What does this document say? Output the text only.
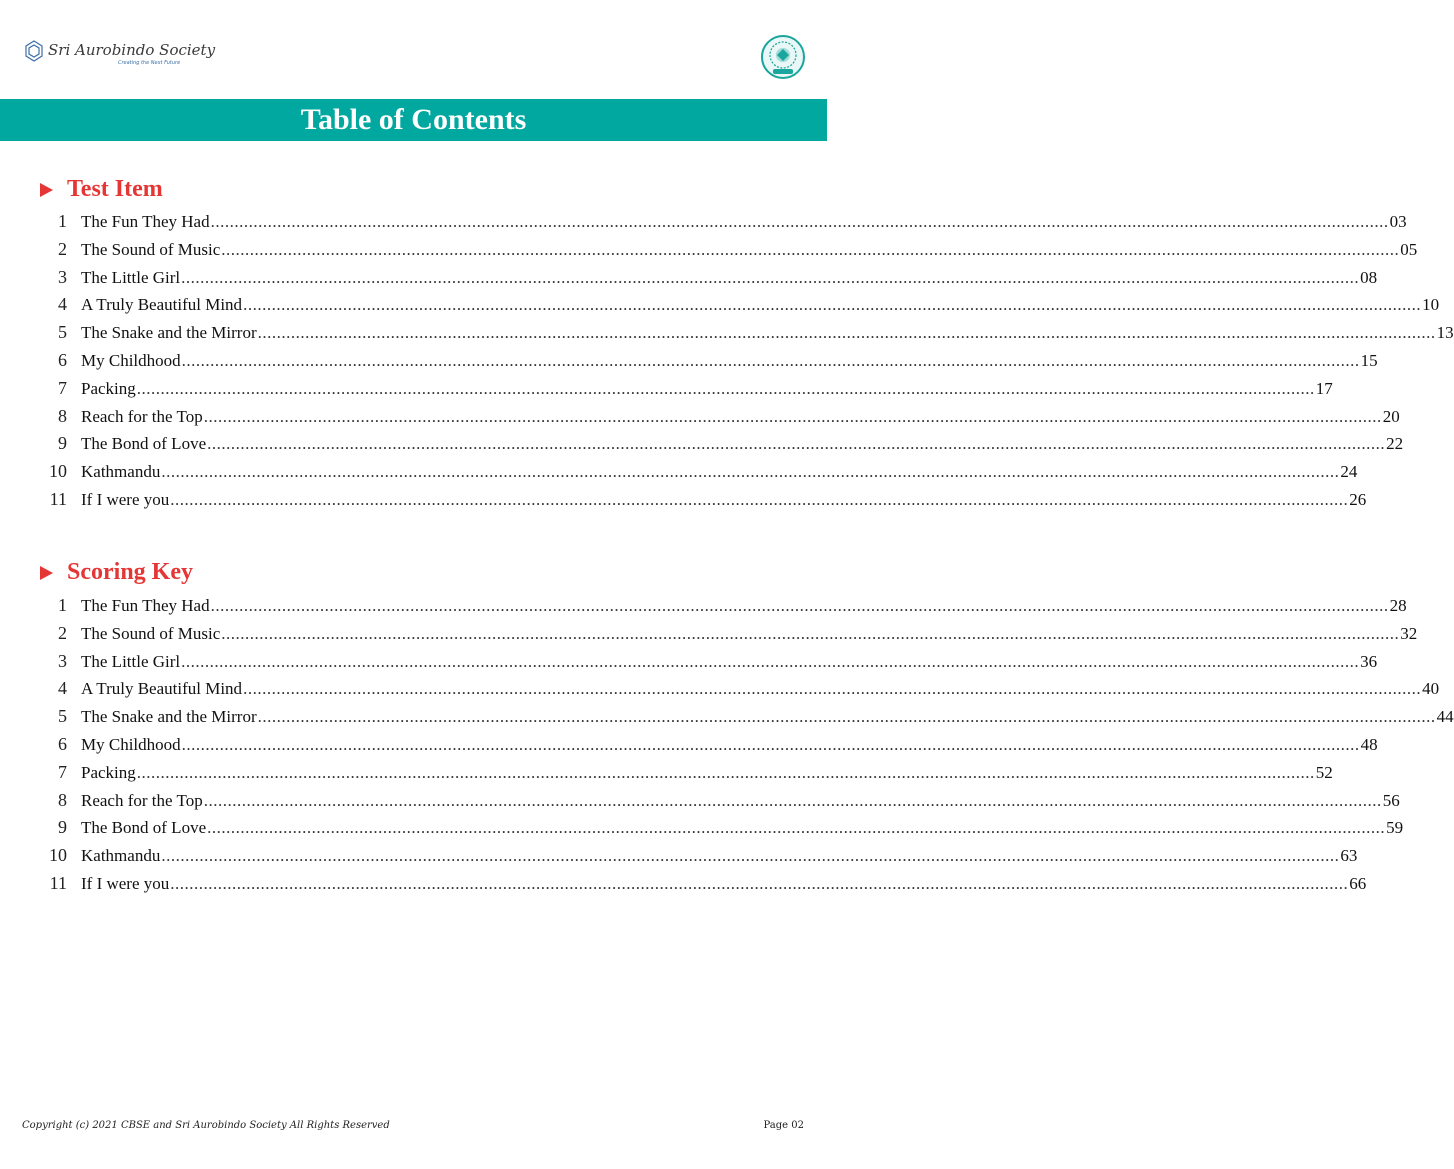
Sri Aurobindo Society
Creating the Next Future
Table of Contents
Test Item
1 The Fun They Had .....	03
2 The Sound of Music .....	05
3 The Little Girl .....	08
4 A Truly Beautiful Mind .....	10
5 The Snake and the Mirror .....	13
6 My Childhood .....	15
7 Packing .....	17
8 Reach for the Top .....	20
9 The Bond of Love .....	22
10 Kathmandu .....	24
11 If I were you .....	26
Scoring Key
1 The Fun They Had .....	28
2 The Sound of Music .....	32
3 The Little Girl .....	36
4 A Truly Beautiful Mind .....	40
5 The Snake and the Mirror .....	44
6 My Childhood .....	48
7 Packing .....	52
8 Reach for the Top .....	56
9 The Bond of Love .....	59
10 Kathmandu .....	63
11 If I were you .....	66
Copyright (c) 2021 CBSE and Sri Aurobindo Society All Rights Reserved	Page 02
